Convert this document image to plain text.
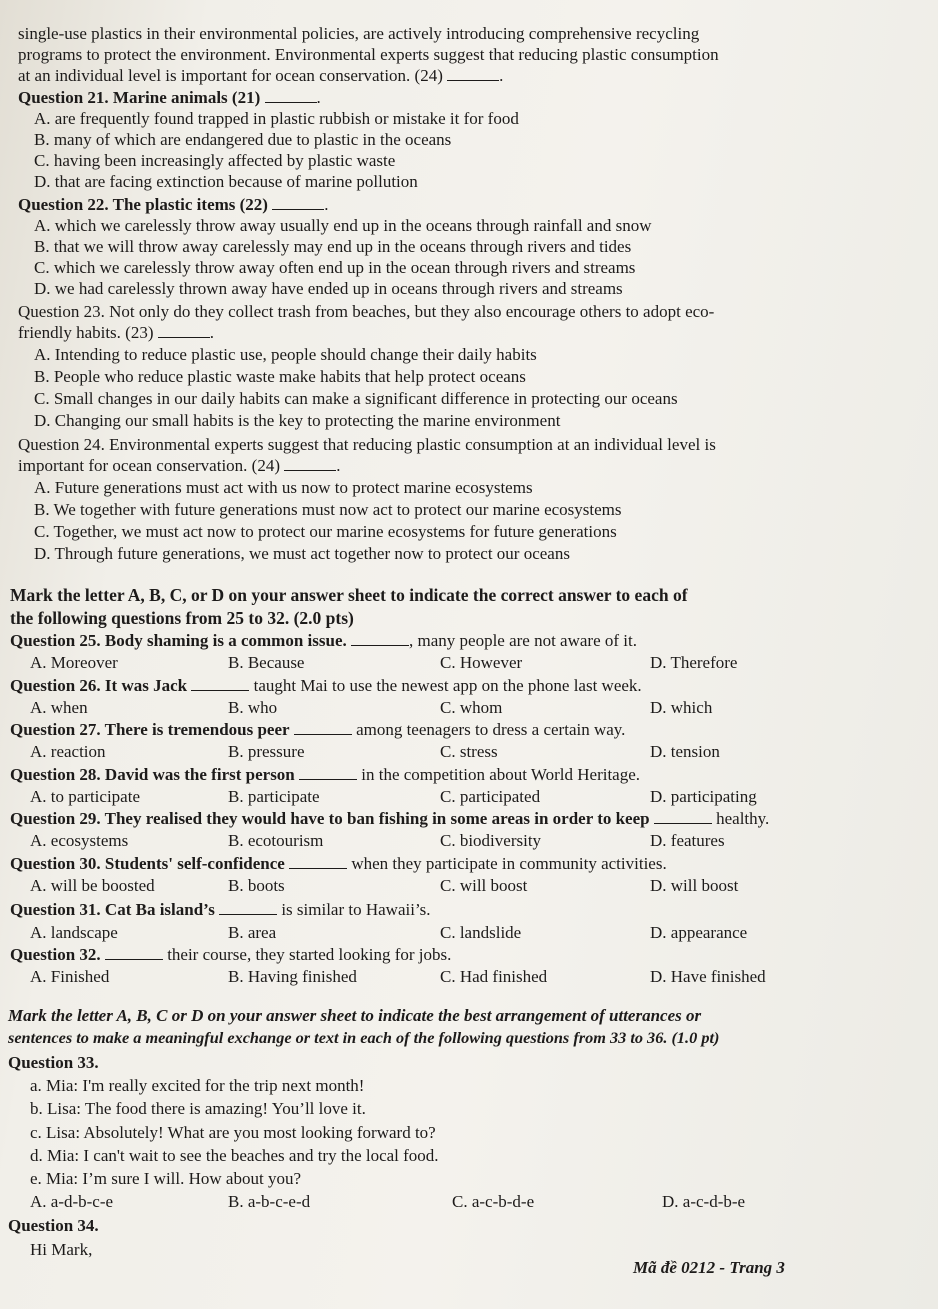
single-use plastics in their environmental policies, are actively introducing comprehensive recycling
programs to protect the environment. Environmental experts suggest that reducing plastic consumption
at an individual level is important for ocean conservation. (24)	.
Question 21. Marine animals (21)	.
A. are frequently found trapped in plastic rubbish or mistake it for food
B. many of which are endangered due to plastic in the oceans
C. having been increasingly affected by plastic waste
D. that are facing extinction because of marine pollution
Question 22. The plastic items (22)	.
A. which we carelessly throw away usually end up in the oceans through rainfall and snow
B. that we will throw away carelessly may end up in the oceans through rivers and tides
C. which we carelessly throw away often end up in the ocean through rivers and streams
D. we had carelessly thrown away have ended up in oceans through rivers and streams
Question 23. Not only do they collect trash from beaches, but they also encourage others to adopt eco-
friendly habits. (23)	.
A. Intending to reduce plastic use, people should change their daily habits
B. People who reduce plastic waste make habits that help protect oceans
C. Small changes in our daily habits can make a significant difference in protecting our oceans
D. Changing our small habits is the key to protecting the marine environment
Question 24. Environmental experts suggest that reducing plastic consumption at an individual level is
important for ocean conservation. (24)	.
A. Future generations must act with us now to protect marine ecosystems
B. We together with future generations must now act to protect our marine ecosystems
C. Together, we must act now to protect our marine ecosystems for future generations
D. Through future generations, we must act together now to protect our oceans
Mark the letter A, B, C, or D on your answer sheet to indicate the correct answer to each of
the following questions from 25 to 32. (2.0 pts)
Question 25. Body shaming is a common issue.	, many people are not aware of it.
A. Moreover	B. Because	C. However	D. Therefore
Question 26. It was Jack	taught Mai to use the newest app on the phone last week.
A. when	B. who	C. whom	D. which
Question 27. There is tremendous peer	among teenagers to dress a certain way.
A. reaction	B. pressure	C. stress	D. tension
Question 28. David was the first person	in the competition about World Heritage.
A. to participate	B. participate	C. participated	D. participating
Question 29. They realised they would have to ban fishing in some areas in order to keep	healthy.
A. ecosystems	B. ecotourism	C. biodiversity	D. features
Question 30. Students' self-confidence	when they participate in community activities.
A. will be boosted	B. boots	C. will boost	D. will boost
Question 31. Cat Ba island’s	is similar to Hawaii’s.
A. landscape	B. area	C. landslide	D. appearance
Question 32.	their course, they started looking for jobs.
A. Finished	B. Having finished	C. Had finished	D. Have finished
Mark the letter A, B, C or D on your answer sheet to indicate the best arrangement of utterances or
sentences to make a meaningful exchange or text in each of the following questions from 33 to 36. (1.0 pt)
Question 33.
a. Mia: I'm really excited for the trip next month!
b. Lisa: The food there is amazing! You’ll love it.
c. Lisa: Absolutely! What are you most looking forward to?
d. Mia: I can't wait to see the beaches and try the local food.
e. Mia: I’m sure I will. How about you?
A. a-d-b-c-e	B. a-b-c-e-d	C. a-c-b-d-e	D. a-c-d-b-e
Question 34.
Hi Mark,
Mã đề 0212 - Trang 3
